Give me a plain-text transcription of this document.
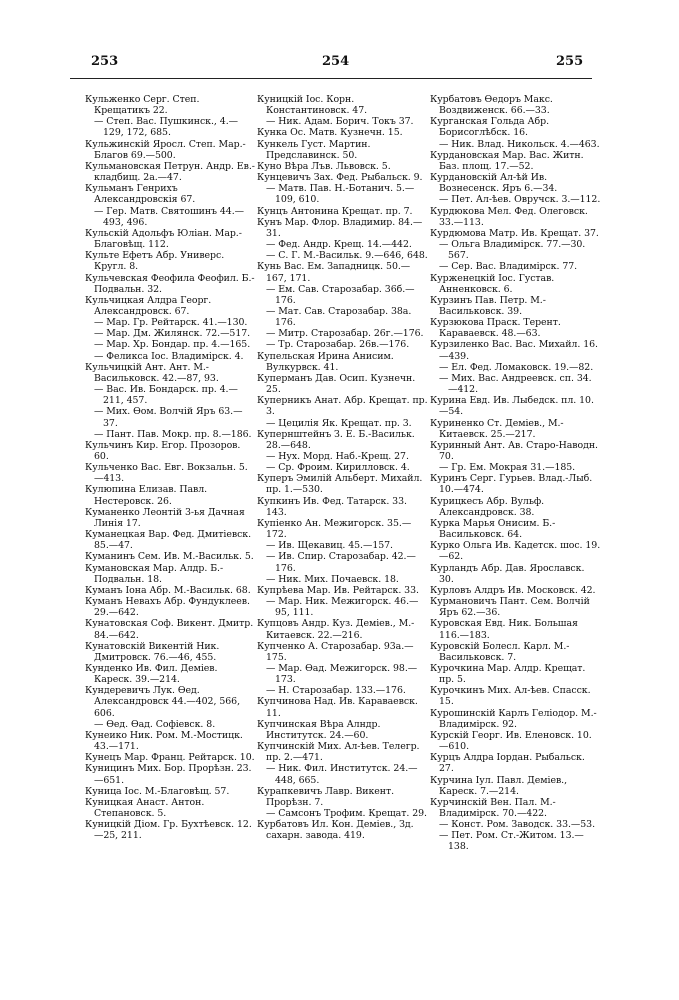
253	254	255

Кульженко Серг. Степ. Крещатикъ 22.

— Степ. Вас. Пушкинск., 4.—129, 172, 685.

Кульжинскій Яросл. Степ. Мар.-Благов 69.—500.

Кульмановская Петрун. Андр. Ев.-кладбищ. 2а.—47.

Кульманъ Генрихъ Александровскія 67.

— Гер. Матв. Святошинъ 44.—493, 496.

Кульскій Адольфъ Юліан. Мар.-Благовѣщ. 112.

Культе Ефетъ Абр. Универс. Кругл. 8.

Кульчевская Феофила Феофил. Б.-Подвальн. 32.

Кульчицкая Алдра Георг. Александровск. 67.

— Мар. Гр. Рейтарск. 41.—130.

— Мар. Дм. Жилянск. 72.—517.

— Мар. Хр. Бондар. пр. 4.—165.

— Феликса Іос. Владимірск. 4.

Кульчицкій Ант. Ант. М.-Васильковск. 42.—87, 93.

— Вас. Ив. Бондарск. пр. 4.—211, 457.

— Мих. Ѳом. Волчій Яръ 63.—37.

— Пант. Пав. Мокр. пр. 8.—186.

Кульчинъ Кир. Егор. Прозоров. 60.

Кульченко Вас. Евг. Вокзальн. 5.—413.

Кулюпина Елизав. Павл. Нестеровск. 26.

Куманенко Леонтій 3-ья Дачная Линія 17.

Куманецкая Вар. Фед. Дмитіевск. 85.—47.

Куманинъ Сем. Ив. М.-Васильк. 5.

Кумановская Мар. Алдр. Б.-Подвальн. 18.

Куманъ Іона Абр. М.-Васильк. 68.

Куманъ Невахъ Абр. Фундуклеев. 29.—642.

Кунатовская Соф. Викент. Дмитр. 84.—642.

Кунатовскій Викентій Ник. Дмитровск. 76.—46, 455.

Кунденко Ив. Фил. Деміев. Кареск. 39.—214.

Кундеревичъ Лук. Ѳед. Александровск 44.—402, 566, 606.

— Ѳед. Ѳад. Софіевск. 8.

Кунеико Ник. Ром. М.-Мостицк. 43.—171.

Кунецъ Мар. Франц. Рейтарск. 10.

Куницинъ Мих. Бор. Прорѣзн. 23.—651.

Куница Іос. М.-Благовѣщ. 57.

Куницкая Анаст. Антон. Степановск. 5.

Куницкій Діом. Гр. Бухтѣевск. 12.—25, 211.

Куницкій Іос. Корн. Константиновск. 47.

— Ник. Адам. Борич. Токъ 37.

Кунка Ос. Матв. Кузнечн. 15.

Кункель Густ. Мартин. Предславинск. 50.

Куно Вѣра Лъв. Львовск. 5.

Кунцевичъ Зах. Фед. Рыбальск. 9.

— Матв. Пав. Н.-Ботанич. 5.—109, 610.

Кунцъ Антонина Крещат. пр. 7.

Кунъ Мар. Флор. Владимир. 84.—31.

— Фед. Андр. Крещ. 14.—442.

— С. Г. М.-Васильк. 9.—646, 648.

Кунь Вас. Ем. Западницк. 50.—167, 171.

— Ем. Сав. Старозабар. 36б.—176.

— Мат. Сав. Старозабар. 38а. 176.

— Митр. Старозабар. 26г.—176.

— Тр. Старозабар. 26в.—176.

Купельская Ирина Анисим. Вулкурвск. 41.

Куперманъ Дав. Осип. Кузнечн. 25.

Куперникъ Анат. Абр. Крещат. пр. 3.

— Цецилія Як. Крещат. пр. 3.

Купернштейнъ З. Е. Б.-Васильк. 28.—648.

— Нух. Морд. Наб.-Крещ. 27.

— Ср. Фроим. Кирилловск. 4.

Куперъ Эмилій Альберт. Михайл. пр. 1.—530.

Купкинъ Ив. Фед. Татарск. 33. 143.

Купіенко Ан. Межигорск. 35.—172.

— Ив. Щекавиц. 45.—157.

— Ив. Спир. Старозабар. 42.—176.

— Ник. Мих. Почаевск. 18.

Купрѣева Мар. Ив. Рейтарск. 33.

— Мар. Ник. Межигорск. 46.—95, 111.

Купцовъ Андр. Куз. Деміев., М.-Китаевск. 22.—216.

Купченко А. Старозабар. 93а.—175.

— Мар. Ѳад. Межигорск. 98.—173.

— Н. Старозабар. 133.—176.

Купчинова Над. Ив. Караваевск. 11.

Купчинская Вѣра Алндр. Институтск. 24.—60.

Купчинскій Мих. Ал-ѣев. Телегр. пр. 2.—471.

— Ник. Фил. Институтск. 24.—448, 665.

Курапкевичъ Лавр. Викент. Прорѣзн. 7.

— Самсонъ Трофим. Крещат. 29.

Курбатовъ Ил. Кон. Деміев., Зд. сахарн. завода. 419.

Курбатовъ Ѳедоръ Макс. Воздвиженск. 66.—33.

Курганская Гольда Абр. Борисоглѣбск. 16.

— Ник. Влад. Никольск. 4.—463.

Курдановская Мар. Вас. Житн. Баз. площ. 17.—52.

Курдановскій Ал-ѣй Ив. Вознесенск. Яръ 6.—34.

— Пет. Ал-ѣев. Овручск. 3.—112.

Курдюкова Мел. Фед. Олеговск. 33.—113.

Курдюмова Матр. Ив. Крещат. 37.

— Ольга Владимірск. 77.—30. 567.

— Сер. Вас. Владимірск. 77.

Курженецкій Іос. Густав. Анненковск. 6.

Курзинъ Пав. Петр. М.-Васильковск. 39.

Курзюкова Праск. Терент. Караваевск. 48.—63.

Курзиленко Вас. Вас. Михайл. 16.—439.

— Ел. Фед. Ломаковск. 19.—82.

— Мих. Вас. Андреевск. сп. 34. —412.

Курина Евд. Ив. Лыбедск. пл. 10.—54.

Куриненко Ст. Деміев., М.-Китаевск. 25.—217.

Куринный Ант. Ав. Старо-Наводн. 70.

— Гр. Ем. Мокрая 31.—185.

Куринъ Серг. Гурьев. Влад.-Лыб. 10.—474.

Курицкесъ Абр. Вульф. Александровск. 38.

Курка Марья Онисим. Б.-Васильковск. 64.

Курко Ольга Ив. Кадетск. шос. 19.—62.

Курландъ Абр. Дав. Ярославск. 30.

Курловъ Алдръ Ив. Московск. 42.

Курмановичъ Пант. Сем. Волчій Яръ 62.—36.

Куровская Евд. Ник. Большая 116.—183.

Куровскій Болесл. Карл. М.-Васильковск. 7.

Курочкина Мар. Алдр. Крещат. пр. 5.

Курочкинъ Мих. Ал-ѣев. Спасск. 15.

Курошинскій Карлъ Геліодор. М.-Владимірск. 92.

Курскій Георг. Ив. Еленовск. 10.—610.

Курцъ Алдра Іордан. Рыбальск. 27.

Курчина Іул. Павл. Деміев., Кареск. 7.—214.

Курчинскій Вен. Пал. М.-Владимірск. 70.—422.

— Конст. Ром. Заводск. 33.—53.

— Пет. Ром. Ст.-Житом. 13.—138.
